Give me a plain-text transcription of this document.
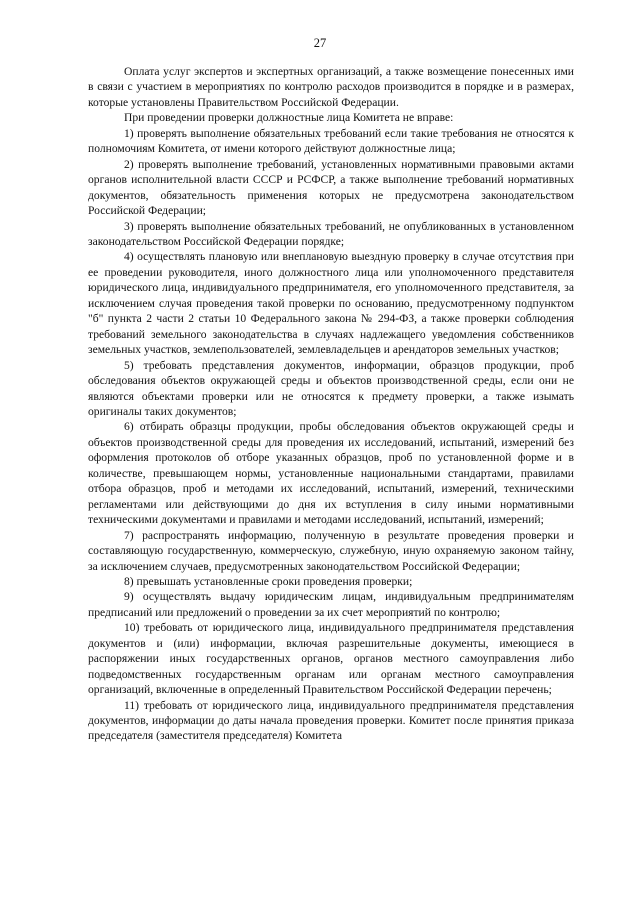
27

Оплата услуг экспертов и экспертных организаций, а также возмещение понесенных ими в связи с участием в мероприятиях по контролю расходов производится в порядке и в размерах, которые установлены Правительством Российской Федерации.

При проведении проверки должностные лица Комитета не вправе:

1) проверять выполнение обязательных требований если такие требования не относятся к полномочиям Комитета, от имени которого действуют должностные лица;

2) проверять выполнение требований, установленных нормативными правовыми актами органов исполнительной власти СССР и РСФСР, а также выполнение требований нормативных документов, обязательность применения которых не предусмотрена законодательством Российской Федерации;

3) проверять выполнение обязательных требований, не опубликованных в установленном законодательством Российской Федерации порядке;

4) осуществлять плановую или внеплановую выездную проверку в случае отсутствия при ее проведении руководителя, иного должностного лица или уполномоченного представителя юридического лица, индивидуального предпринимателя, его уполномоченного представителя, за исключением случая проведения такой проверки по основанию, предусмотренному подпунктом "б" пункта 2 части 2 статьи 10 Федерального закона № 294-ФЗ, а также проверки соблюдения требований земельного законодательства в случаях надлежащего уведомления собственников земельных участков, землепользователей, землевладельцев и арендаторов земельных участков;

5) требовать представления документов, информации, образцов продукции, проб обследования объектов окружающей среды и объектов производственной среды, если они не являются объектами проверки или не относятся к предмету проверки, а также изымать оригиналы таких документов;

6) отбирать образцы продукции, пробы обследования объектов окружающей среды и объектов производственной среды для проведения их исследований, испытаний, измерений без оформления протоколов об отборе указанных образцов, проб по установленной форме и в количестве, превышающем нормы, установленные национальными стандартами, правилами отбора образцов, проб и методами их исследований, испытаний, измерений, техническими регламентами или действующими до дня их вступления в силу иными нормативными техническими документами и правилами и методами исследований, испытаний, измерений;

7) распространять информацию, полученную в результате проведения проверки и составляющую государственную, коммерческую, служебную, иную охраняемую законом тайну, за исключением случаев, предусмотренных законодательством Российской Федерации;

8) превышать установленные сроки проведения проверки;

9) осуществлять выдачу юридическим лицам, индивидуальным предпринимателям предписаний или предложений о проведении за их счет мероприятий по контролю;

10) требовать от юридического лица, индивидуального предпринимателя представления документов и (или) информации, включая разрешительные документы, имеющиеся в распоряжении иных государственных органов, органов местного самоуправления либо подведомственных государственным органам или органам местного самоуправления организаций, включенные в определенный Правительством Российской Федерации перечень;

11) требовать от юридического лица, индивидуального предпринимателя представления документов, информации до даты начала проведения проверки. Комитет после принятия приказа председателя (заместителя председателя) Комитета
